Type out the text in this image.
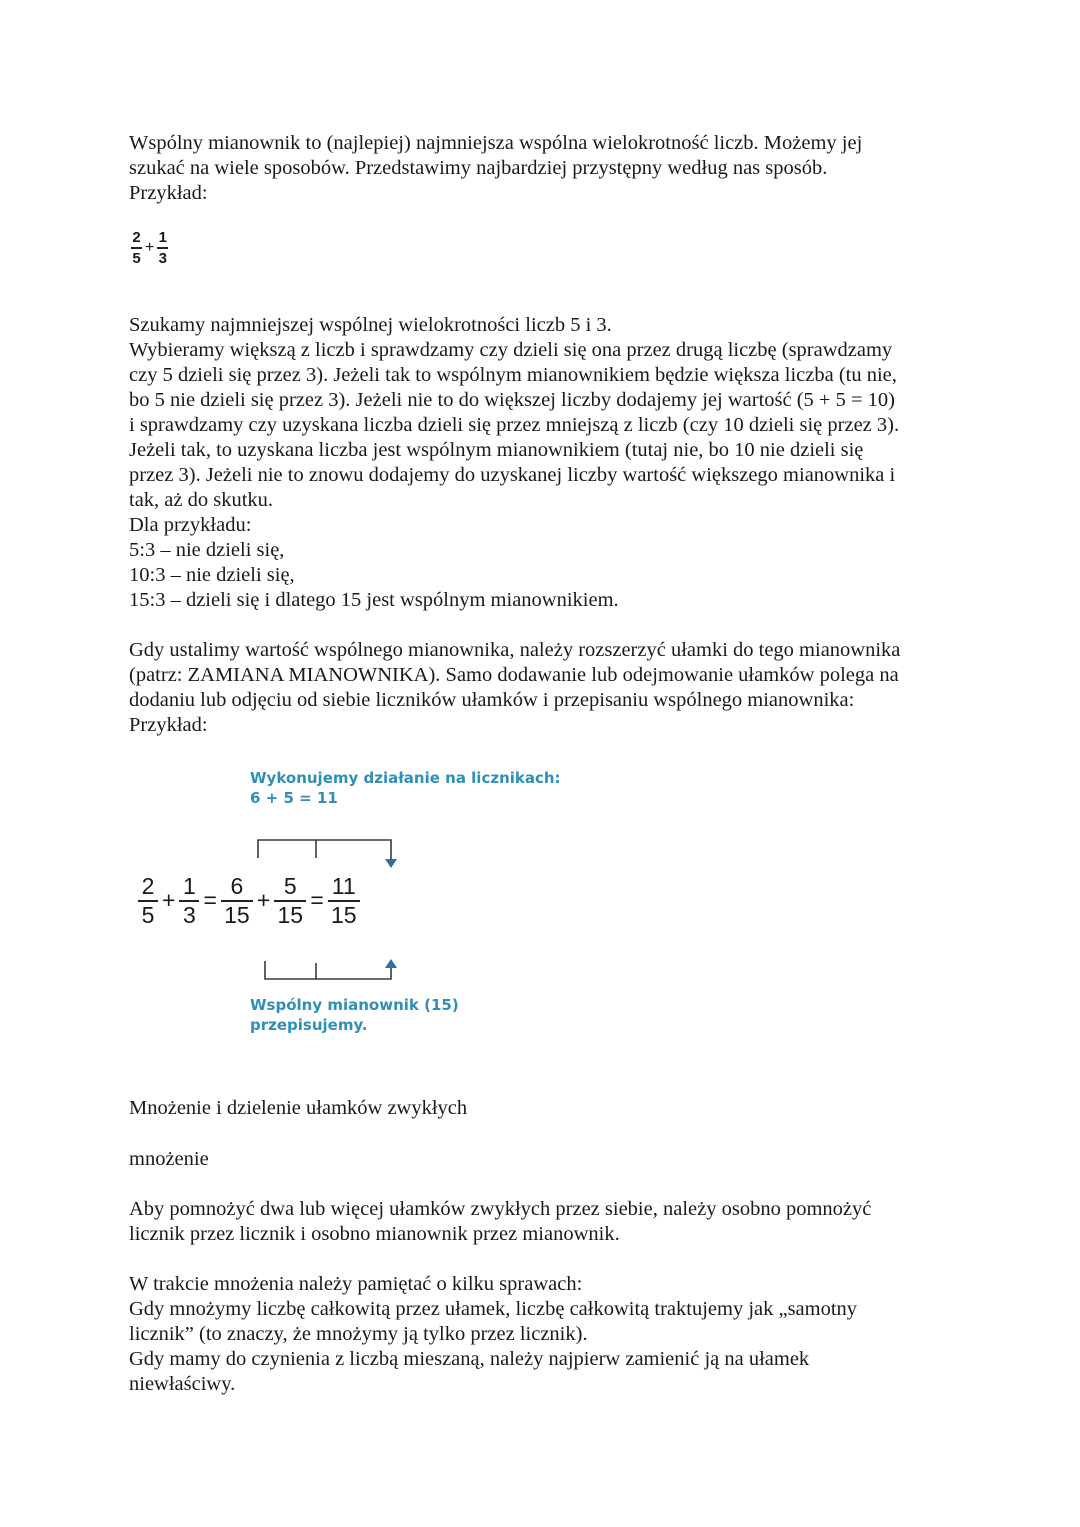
Wspólny mianownik to (najlepiej) najmniejsza wspólna wielokrotność liczb. Możemy jej
szukać na wiele sposobów. Przedstawimy najbardziej przystępny według nas sposób.
Przykład:

$\frac{2}{5} + \frac{1}{3}$

Szukamy najmniejszej wspólnej wielokrotności liczb 5 i 3.
Wybieramy większą z liczb i sprawdzamy czy dzieli się ona przez drugą liczbę (sprawdzamy
czy 5 dzieli się przez 3). Jeżeli tak to wspólnym mianownikiem będzie większa liczba (tu nie,
bo 5 nie dzieli się przez 3). Jeżeli nie to do większej liczby dodajemy jej wartość (5 + 5 = 10)
i sprawdzamy czy uzyskana liczba dzieli się przez mniejszą z liczb (czy 10 dzieli się przez 3).
Jeżeli tak, to uzyskana liczba jest wspólnym mianownikiem (tutaj nie, bo 10 nie dzieli się
przez 3). Jeżeli nie to znowu dodajemy do uzyskanej liczby wartość większego mianownika i
tak, aż do skutku.
Dla przykładu:
5:3 – nie dzieli się,
10:3 – nie dzieli się,
15:3 – dzieli się i dlatego 15 jest wspólnym mianownikiem.

Gdy ustalimy wartość wspólnego mianownika, należy rozszerzyć ułamki do tego mianownika
(patrz: ZAMIANA MIANOWNIKA). Samo dodawanie lub odejmowanie ułamków polega na
dodaniu lub odjęciu od siebie liczników ułamków i przepisaniu wspólnego mianownika:
Przykład:

Wykonujemy działanie na licznikach:
6 + 5 = 11
$\frac{2}{5} + \frac{1}{3} = \frac{6}{15} + \frac{5}{15} = \frac{11}{15}$
Wspólny mianownik (15)
przepisujemy.

Mnożenie i dzielenie ułamków zwykłych

mnożenie

Aby pomnożyć dwa lub więcej ułamków zwykłych przez siebie, należy osobno pomnożyć
licznik przez licznik i osobno mianownik przez mianownik.

W trakcie mnożenia należy pamiętać o kilku sprawach:
Gdy mnożymy liczbę całkowitą przez ułamek, liczbę całkowitą traktujemy jak „samotny
licznik” (to znaczy, że mnożymy ją tylko przez licznik).
Gdy mamy do czynienia z liczbą mieszaną, należy najpierw zamienić ją na ułamek
niewłaściwy.
